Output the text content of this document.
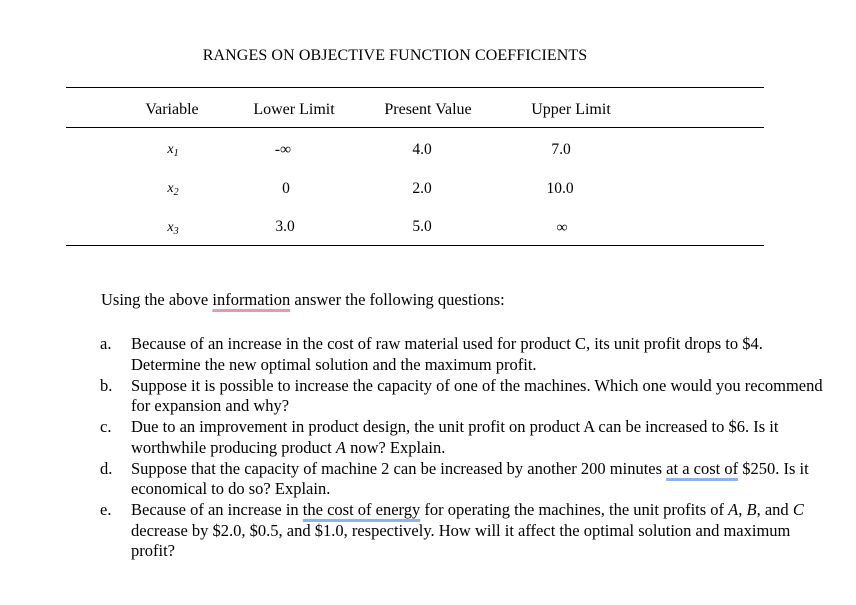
RANGES ON OBJECTIVE FUNCTION COEFFICIENTS
Variable	Lower Limit	Present Value	Upper Limit
$x_1$	-∞	4.0	7.0
$x_2$	0	2.0	10.0
$x_3$	3.0	5.0	∞
Using the above information answer the following questions:
a. Because of an increase in the cost of raw material used for product C, its unit profit drops to $4. Determine the new optimal solution and the maximum profit.
b. Suppose it is possible to increase the capacity of one of the machines. Which one would you recommend for expansion and why?
c. Due to an improvement in product design, the unit profit on product A can be increased to $6. Is it worthwhile producing product A now? Explain.
d. Suppose that the capacity of machine 2 can be increased by another 200 minutes at a cost of $250. Is it economical to do so? Explain.
e. Because of an increase in the cost of energy for operating the machines, the unit profits of A, B, and C decrease by $2.0, $0.5, and $1.0, respectively. How will it affect the optimal solution and maximum profit?
